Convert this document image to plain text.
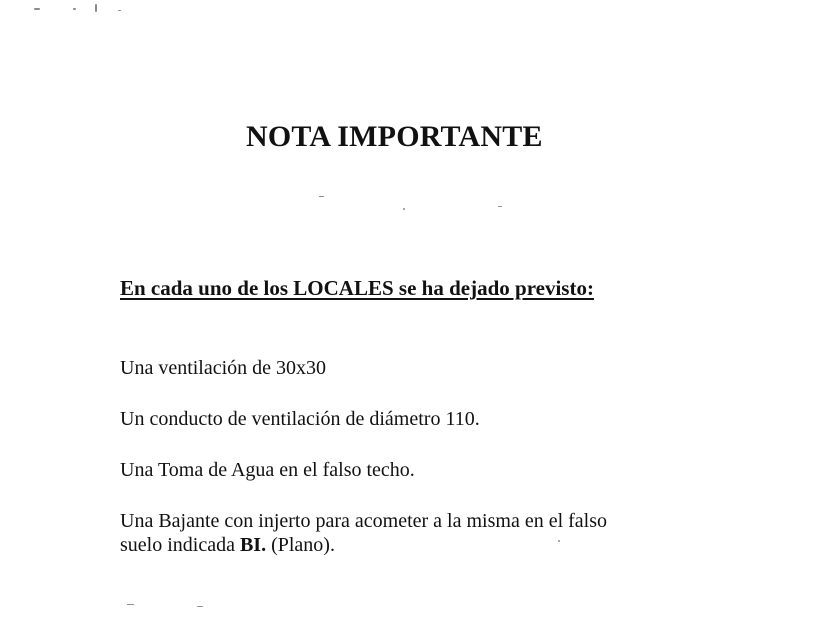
NOTA IMPORTANTE
En cada uno de los LOCALES se ha dejado previsto:

Una ventilación de 30x30

Un conducto de ventilación de diámetro 110.

Una Toma de Agua en el falso techo.

Una Bajante con injerto para acometer a la misma en el falso
suelo indicada BI. (Plano).
